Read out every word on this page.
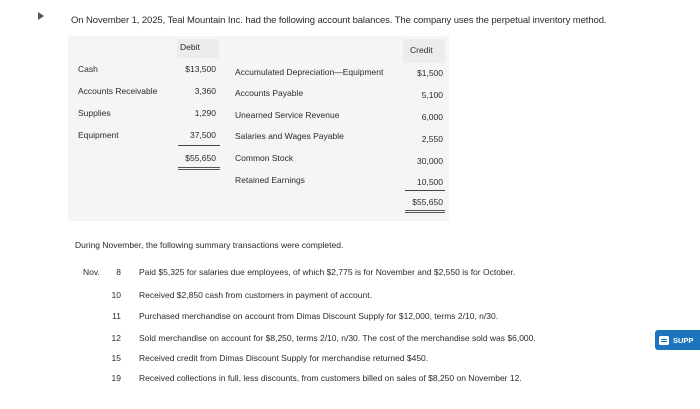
On November 1, 2025, Teal Mountain Inc. had the following account balances. The company uses the perpetual inventory method.
Debit	Credit
Cash	$13,500
Accounts Receivable	3,360
Supplies	1,290
Equipment	37,500
$55,650
Accumulated Depreciation—Equipment	$1,500
Accounts Payable	5,100
Unearned Service Revenue	6,000
Salaries and Wages Payable	2,550
Common Stock	30,000
Retained Earnings	10,500
$55,650
During November, the following summary transactions were completed.
Nov.	8 Paid $5,325 for salaries due employees, of which $2,775 is for November and $2,550 is for October.
10 Received $2,850 cash from customers in payment of account.
11 Purchased merchandise on account from Dimas Discount Supply for $12,000, terms 2/10, n/30.
12 Sold merchandise on account for $8,250, terms 2/10, n/30. The cost of the merchandise sold was $6,000.
15 Received credit from Dimas Discount Supply for merchandise returned $450.
19 Received collections in full, less discounts, from customers billed on sales of $8,250 on November 12.
SUPP
